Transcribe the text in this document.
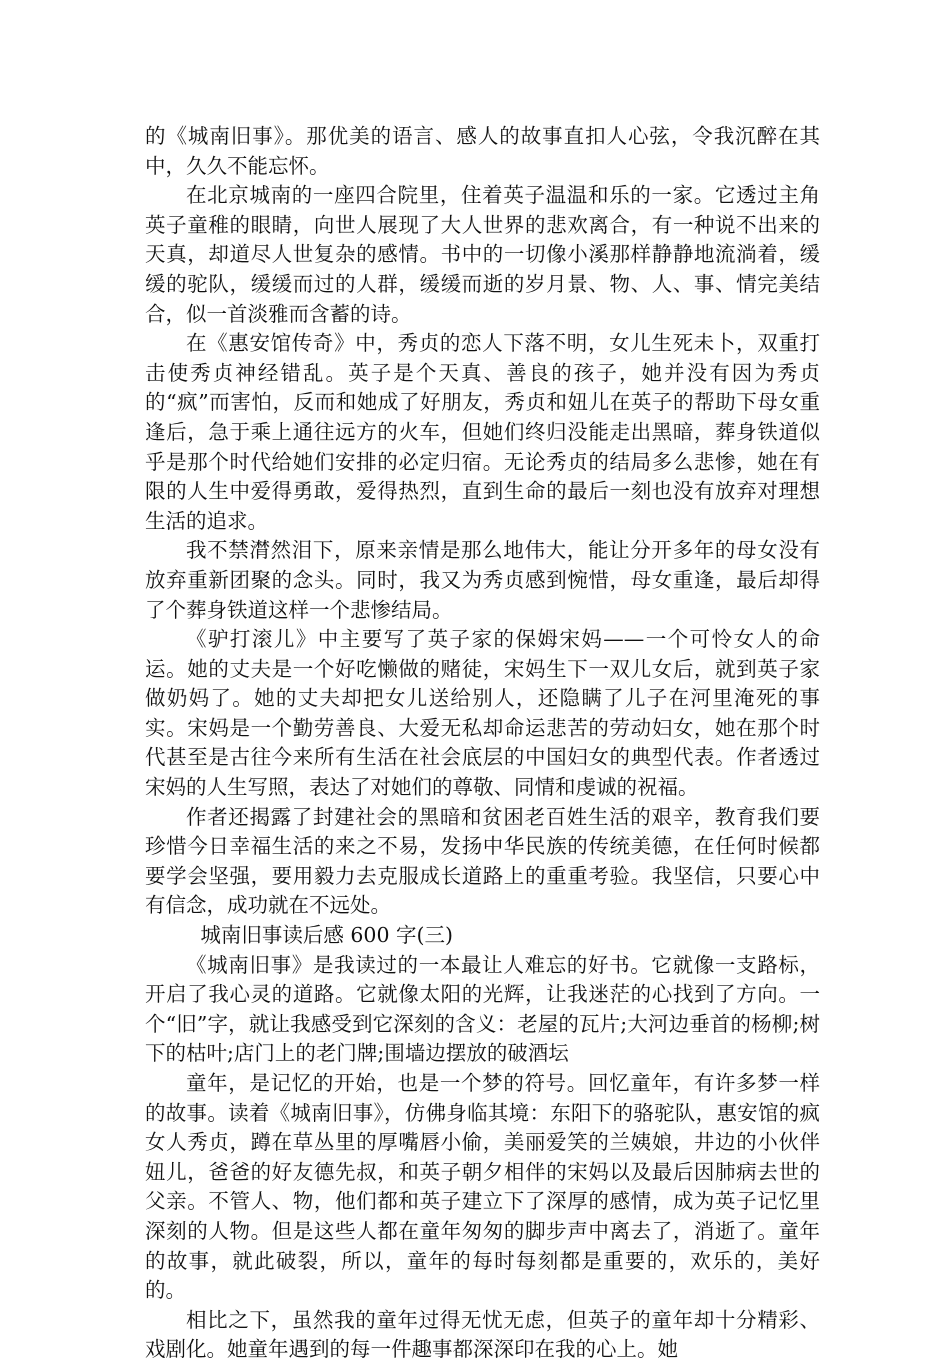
的《城南旧事》。那优美的语言、感人的故事直扣人心弦，令我沉醉在其中，久久不能忘怀。

在北京城南的一座四合院里，住着英子温温和乐的一家。它透过主角英子童稚的眼睛，向世人展现了大人世界的悲欢离合，有一种说不出来的天真，却道尽人世复杂的感情。书中的一切像小溪那样静静地流淌着，缓缓的驼队，缓缓而过的人群，缓缓而逝的岁月景、物、人、事、情完美结合，似一首淡雅而含蓄的诗。

在《惠安馆传奇》中，秀贞的恋人下落不明，女儿生死未卜，双重打击使秀贞神经错乱。英子是个天真、善良的孩子，她并没有因为秀贞的“疯”而害怕，反而和她成了好朋友，秀贞和妞儿在英子的帮助下母女重逢后，急于乘上通往远方的火车，但她们终归没能走出黑暗，葬身铁道似乎是那个时代给她们安排的必定归宿。无论秀贞的结局多么悲惨，她在有限的人生中爱得勇敢，爱得热烈，直到生命的最后一刻也没有放弃对理想生活的追求。

我不禁潸然泪下，原来亲情是那么地伟大，能让分开多年的母女没有放弃重新团聚的念头。同时，我又为秀贞感到惋惜，母女重逢，最后却得了个葬身铁道这样一个悲惨结局。

《驴打滚儿》中主要写了英子家的保姆宋妈——一个可怜女人的命运。她的丈夫是一个好吃懒做的赌徒，宋妈生下一双儿女后，就到英子家做奶妈了。她的丈夫却把女儿送给别人，还隐瞒了儿子在河里淹死的事实。宋妈是一个勤劳善良、大爱无私却命运悲苦的劳动妇女，她在那个时代甚至是古往今来所有生活在社会底层的中国妇女的典型代表。作者透过宋妈的人生写照，表达了对她们的尊敬、同情和虔诚的祝福。

作者还揭露了封建社会的黑暗和贫困老百姓生活的艰辛，教育我们要珍惜今日幸福生活的来之不易，发扬中华民族的传统美德，在任何时候都要学会坚强，要用毅力去克服成长道路上的重重考验。我坚信，只要心中有信念，成功就在不远处。

城南旧事读后感 600 字(三)

《城南旧事》是我读过的一本最让人难忘的好书。它就像一支路标，开启了我心灵的道路。它就像太阳的光辉，让我迷茫的心找到了方向。一个“旧”字，就让我感受到它深刻的含义：老屋的瓦片;大河边垂首的杨柳;树下的枯叶;店门上的老门牌;围墙边摆放的破酒坛

童年，是记忆的开始，也是一个梦的符号。回忆童年，有许多梦一样的故事。读着《城南旧事》，仿佛身临其境：东阳下的骆驼队，惠安馆的疯女人秀贞，蹲在草丛里的厚嘴唇小偷，美丽爱笑的兰姨娘，井边的小伙伴妞儿，爸爸的好友德先叔，和英子朝夕相伴的宋妈以及最后因肺病去世的父亲。不管人、物，他们都和英子建立下了深厚的感情，成为英子记忆里深刻的人物。但是这些人都在童年匆匆的脚步声中离去了，消逝了。童年的故事，就此破裂，所以，童年的每时每刻都是重要的，欢乐的，美好的。

相比之下，虽然我的童年过得无忧无虑，但英子的童年却十分精彩、戏剧化。她童年遇到的每一件趣事都深深印在我的心上。她
